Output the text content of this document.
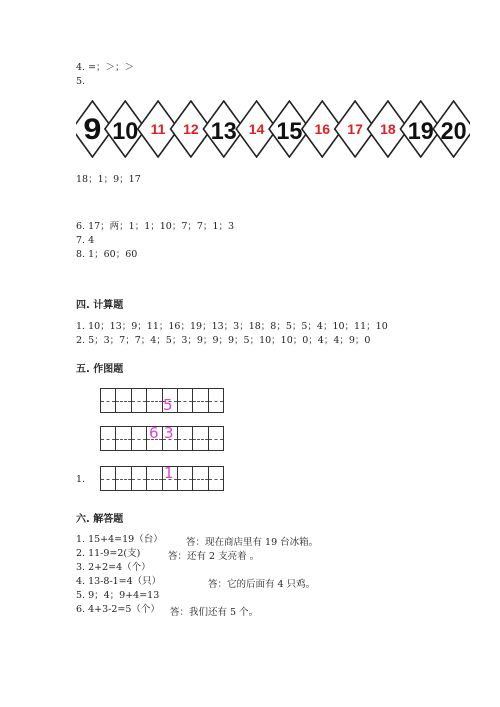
4. =；＞；＞
5.
9 10 11 12 13 14 15 16 17 18 19 20
18；1；9；17
6. 17；两；1；1；10；7；7；1；3
7. 4
8. 1；60；60
四. 计算题
1. 10；13；9；11；16；19；13；3；18；8；5；5；4；10；11；10
2. 5；3；7；7；4；5；3；9；9；9；5；10；10；0；4；4；9；0
五. 作图题
5
6 3
1.	1
六. 解答题
1. 15+4=19（台） 答：现在商店里有 19 台冰箱。
2. 11-9=2(支)	答：还有 2 支亮着 。
3. 2+2=4（个）
4. 13-8-1=4（只）	答：它的后面有 4 只鸡。
5. 9；4；9+4=13
6. 4+3-2=5（个） 答：我们还有 5 个。
